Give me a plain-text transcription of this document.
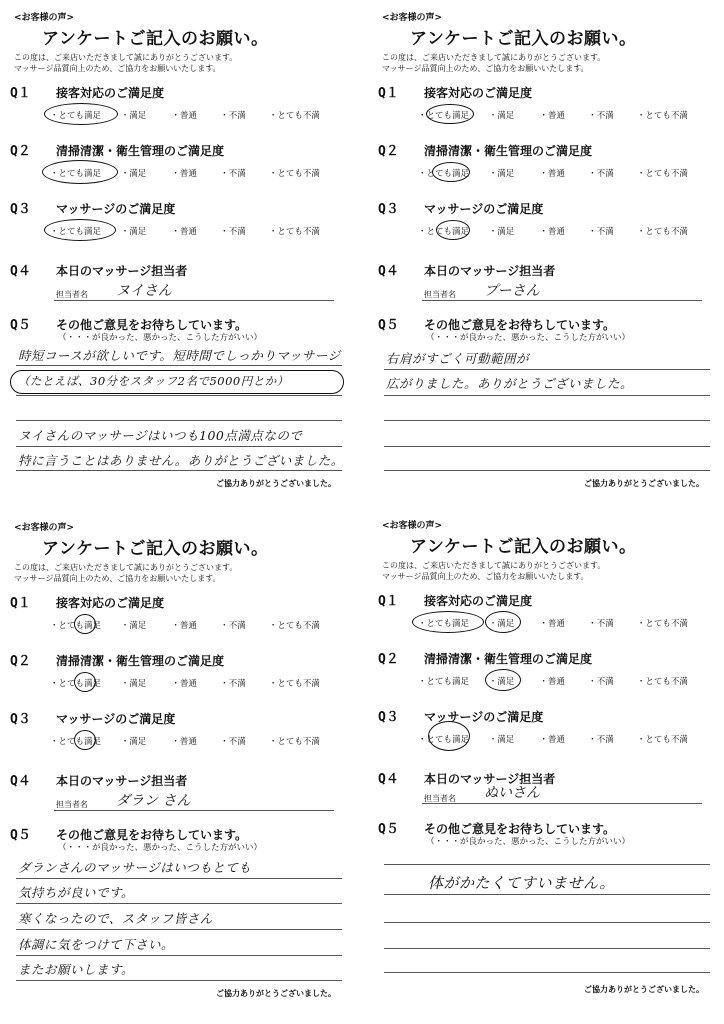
<お客様の声>
アンケートご記入のお願い。
この度は、ご来店いただきまして誠にありがとうございます。
マッサージ品質向上のため、ご協力をお願いいたします。
Q１ 接客対応のご満足度
・とても満足 ・満足	・普通	・不満	・とても不満
Q２ 清掃清潔・衛生管理のご満足度
・とても満足 ・満足	・普通	・不満	・とても不満
Q３ マッサージのご満足度
・とても満足 ・満足	・普通	・不満	・とても不満
Q４ 本日のマッサージ担当者
担当者名 ヌイさん
Q５ その他ご意見をお待ちしています。
（・・・が良かった、悪かった、こうした方がいい）
時短コースが欲しいです。短時間でしっかりマッサージ
（たとえば、30分をスタッフ2名で5000円とか）
ヌイさんのマッサージはいつも100点満点なので
特に言うことはありません。ありがとうございました。
ご協力ありがとうございました。
<お客様の声>
アンケートご記入のお願い。
この度は、ご来店いただきまして誠にありがとうございます。
マッサージ品質向上のため、ご協力をお願いいたします。
Q１ 接客対応のご満足度
・とても満足 ・満足	・普通	・不満	・とても不満
Q２ 清掃清潔・衛生管理のご満足度
・とても満足 ・満足	・普通	・不満	・とても不満
Q３ マッサージのご満足度
・とても満足 ・満足	・普通	・不満	・とても不満
Q４ 本日のマッサージ担当者
担当者名 プーさん
Q５ その他ご意見をお待ちしています。
（・・・が良かった、悪かった、こうした方がいい）
右肩がすごく可動範囲が
広がりました。ありがとうございました。
ご協力ありがとうございました。
<お客様の声>
アンケートご記入のお願い。
この度は、ご来店いただきまして誠にありがとうございます。
マッサージ品質向上のため、ご協力をお願いいたします。
Q１ 接客対応のご満足度
・とても満足 ・満足	・普通	・不満	・とても不満
Q２ 清掃清潔・衛生管理のご満足度
・とても満足 ・満足	・普通	・不満	・とても不満
Q３ マッサージのご満足度
・とても満足 ・満足	・普通	・不満	・とても不満
Q４ 本日のマッサージ担当者
担当者名 ダラン さん
Q５ その他ご意見をお待ちしています。
（・・・が良かった、悪かった、こうした方がいい）
ダランさんのマッサージはいつもとても
気持ちが良いです。
寒くなったので、スタッフ皆さん
体調に気をつけて下さい。
またお願いします。
ご協力ありがとうございました。
<お客様の声>
アンケートご記入のお願い。
この度は、ご来店いただきまして誠にありがとうございます。
マッサージ品質向上のため、ご協力をお願いいたします。
Q１ 接客対応のご満足度
・とても満足 ・満足	・普通	・不満	・とても不満
Q２ 清掃清潔・衛生管理のご満足度
・とても満足 ・満足	・普通	・不満	・とても不満
Q３ マッサージのご満足度
・とても満足 ・満足	・普通	・不満	・とても不満
Q４ 本日のマッサージ担当者
担当者名 ぬいさん
Q５ その他ご意見をお待ちしています。
（・・・が良かった、悪かった、こうした方がいい）
体がかたくてすいません。
ご協力ありがとうございました。
